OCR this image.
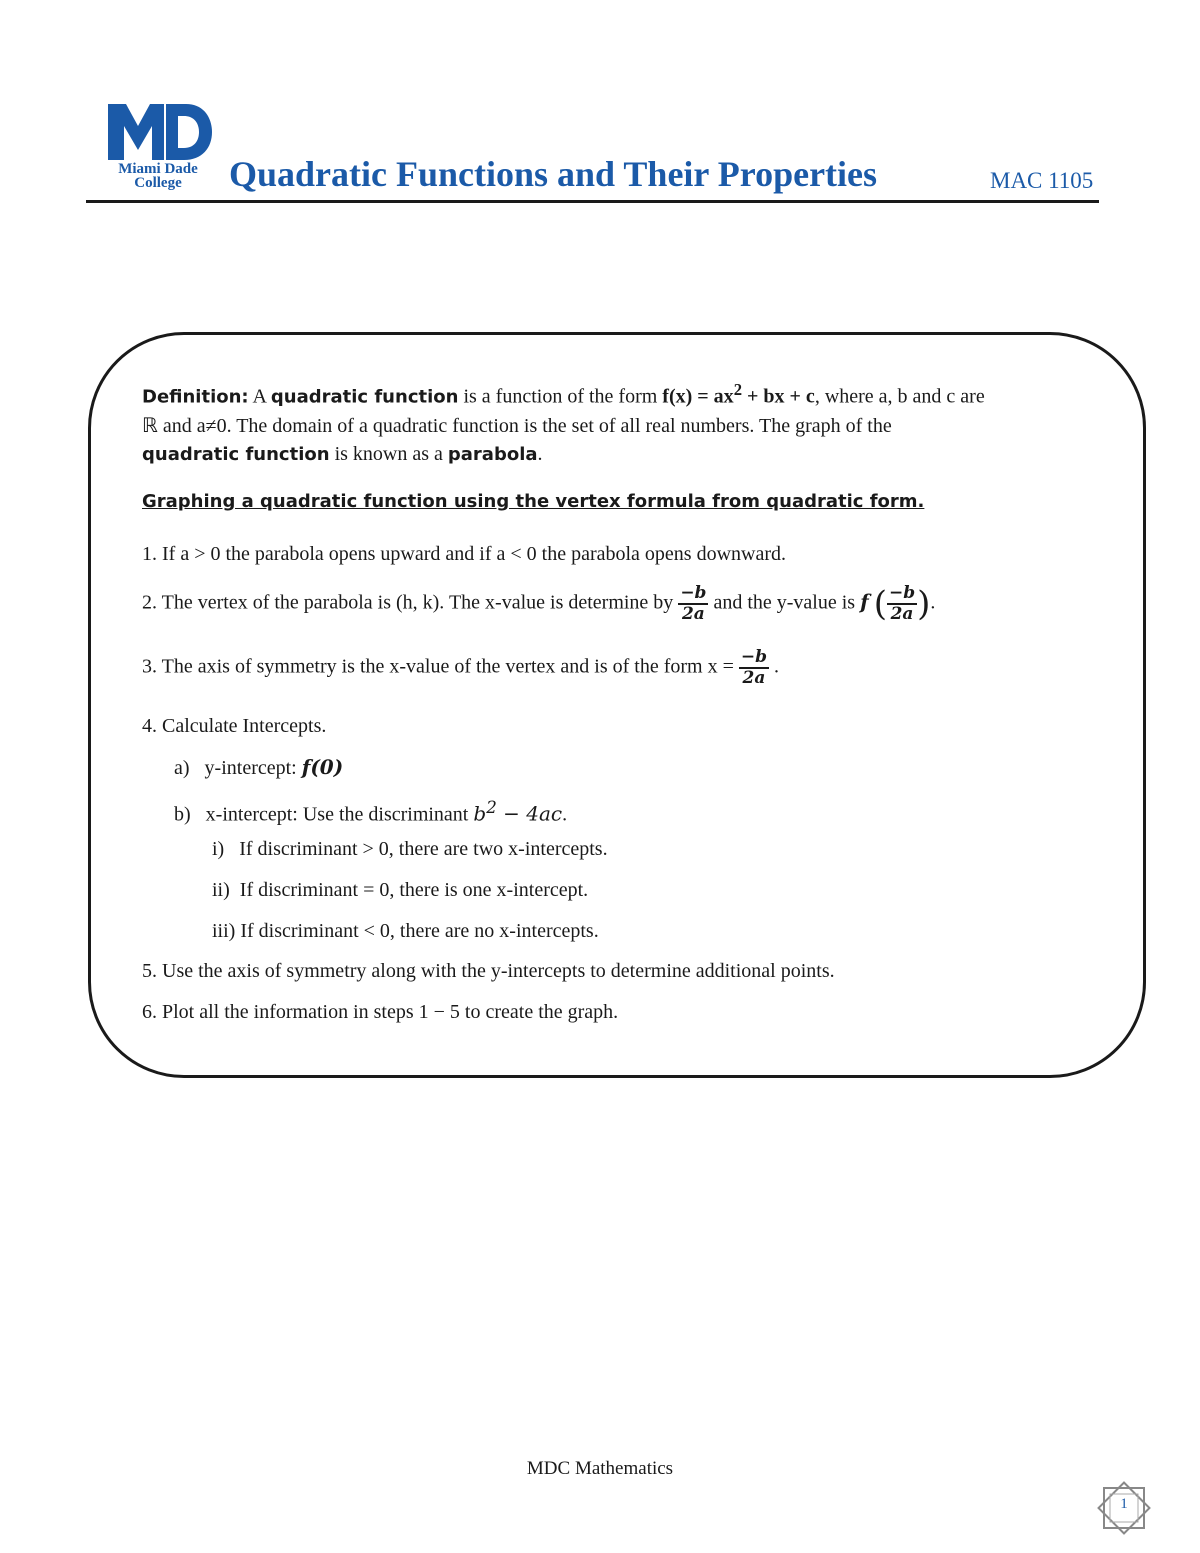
Miami Dade
College	Quadratic Functions and Their Properties	MAC 1105

Definition: A quadratic function is a function of the form $f(x) = ax^2$ + bx + c, where a, b and c are
ℝ and a≠0. The domain of a quadratic function is the set of all real numbers. The graph of the
quadratic function is known as a parabola.

Graphing a quadratic function using the vertex formula from quadratic form.

1. If a > 0 the parabola opens upward and if a < 0 the parabola opens downward.
2. The vertex of the parabola is (h, k). The x-value is determine by $\frac{-b}{2a}$ and the y-value is f ( $\frac{-b}{2a}$ ).
3. The axis of symmetry is the x-value of the vertex and is of the form $x = \frac{-b}{2a}$ .
4. Calculate Intercepts.
a) y-intercept: f(0)
b) x-intercept: Use the discriminant $b^2 - 4ac$.
i) If discriminant > 0, there are two x-intercepts.
ii) If discriminant = 0, there is one x-intercept.
iii) If discriminant < 0, there are no x-intercepts.
5. Use the axis of symmetry along with the y-intercepts to determine additional points.
6. Plot all the information in steps 1 − 5 to create the graph.
MDC Mathematics
1
